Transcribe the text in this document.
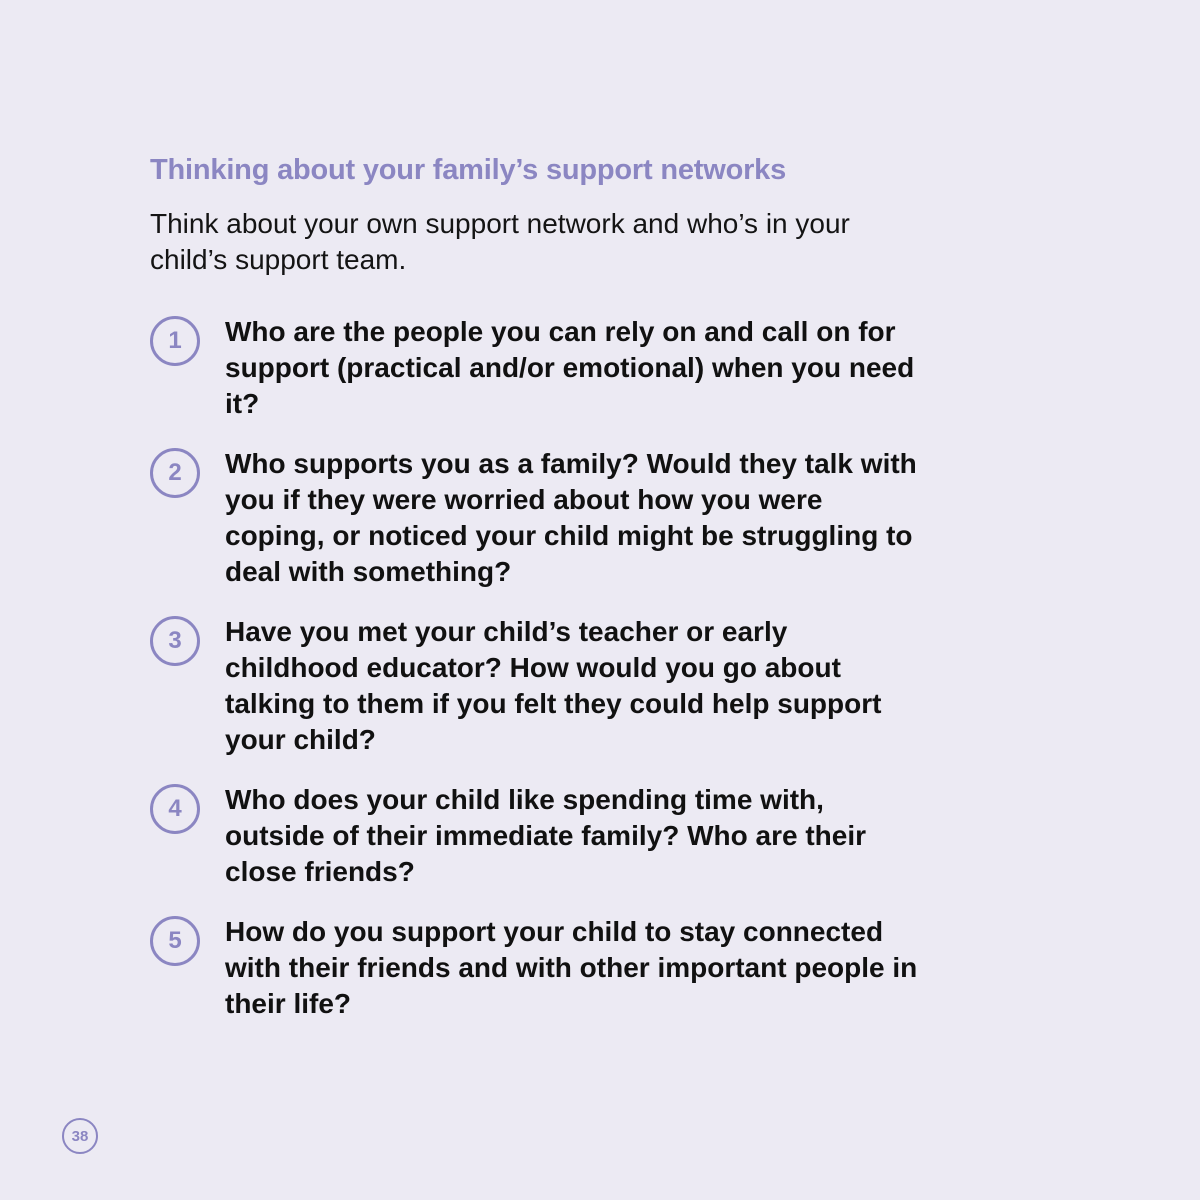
Thinking about your family’s support networks

Think about your own support network and who’s in your child’s support team.

1	Who are the people you can rely on and call on for support (practical and/or emotional) when you need it?
2	Who supports you as a family? Would they talk with you if they were worried about how you were coping, or noticed your child might be struggling to deal with something?
3	Have you met your child’s teacher or early childhood educator? How would you go about talking to them if you felt they could help support your child?
4	Who does your child like spending time with, outside of their immediate family? Who are their close friends?
5	How do you support your child to stay connected with their friends and with other important people in their life?
38
